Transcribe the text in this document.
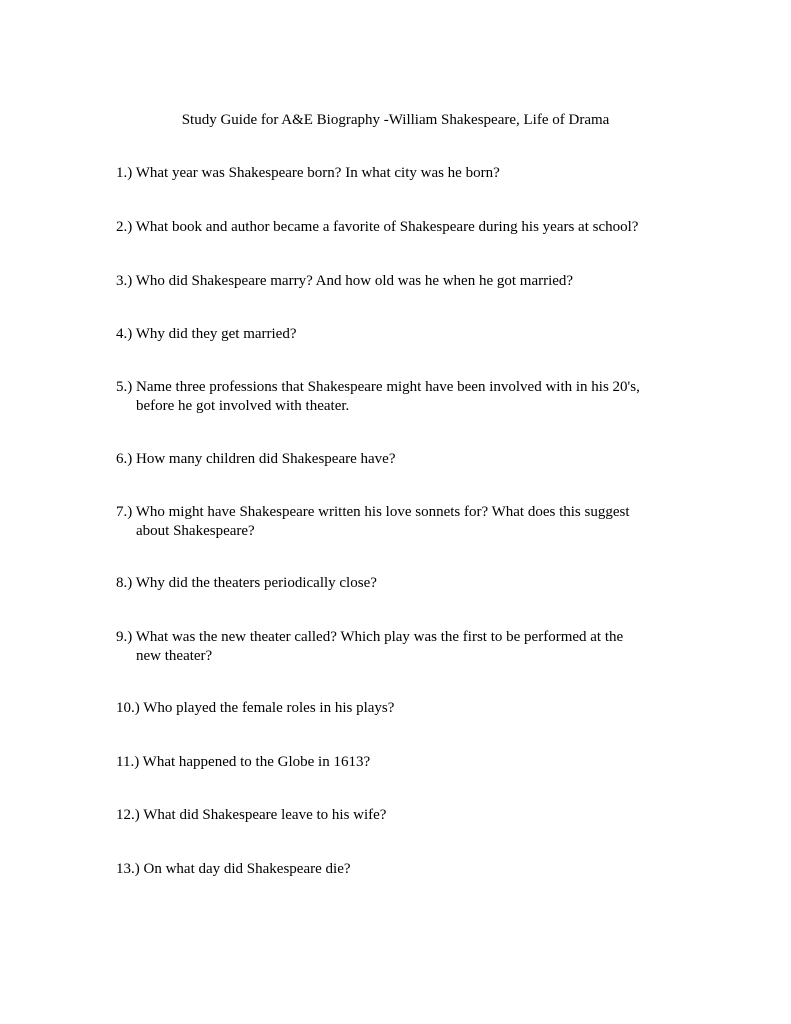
Study Guide for A&E Biography -William Shakespeare, Life of Drama
1.) What year was Shakespeare born? In what city was he born?
2.) What book and author became a favorite of Shakespeare during his years at school?
3.) Who did Shakespeare marry? And how old was he when he got married?
4.) Why did they get married?
5.) Name three professions that Shakespeare might have been involved with in his 20's,
before he got involved with theater.
6.) How many children did Shakespeare have?
7.) Who might have Shakespeare written his love sonnets for? What does this suggest
about Shakespeare?
8.) Why did the theaters periodically close?
9.) What was the new theater called? Which play was the first to be performed at the
new theater?
10.) Who played the female roles in his plays?
11.) What happened to the Globe in 1613?
12.) What did Shakespeare leave to his wife?
13.) On what day did Shakespeare die?
